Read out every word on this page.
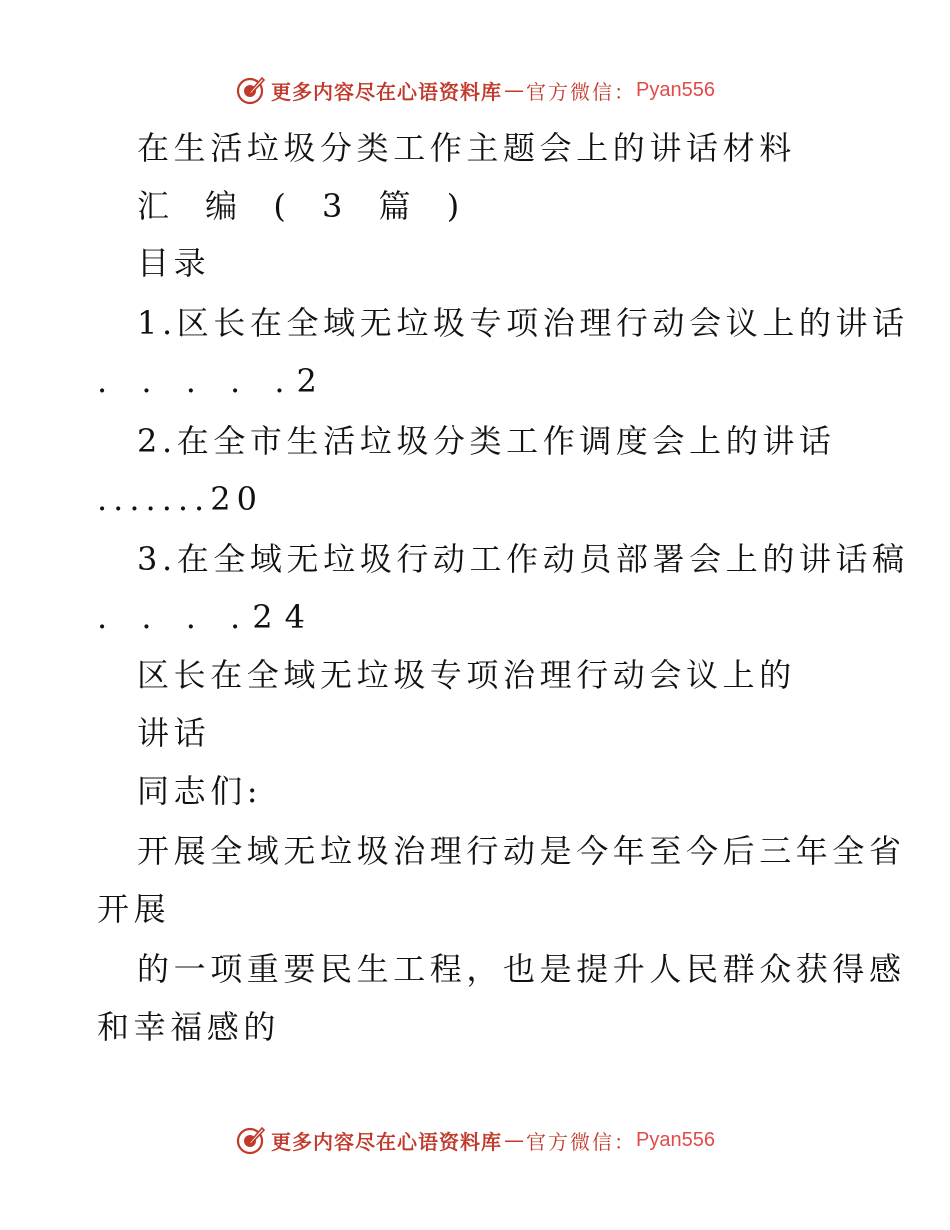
更多内容尽在心语资料库 — 官方微信： Pyan556
在生活垃圾分类工作主题会上的讲话材料
汇 编 ( 3 篇 )
目录
1.区长在全域无垃圾专项治理行动会议上的讲话
. . . . .2
2.在全市生活垃圾分类工作调度会上的讲话
.......20
3.在全域无垃圾行动工作动员部署会上的讲话稿
. . . .24
区长在全域无垃圾专项治理行动会议上的
讲话
同志们:
开展全域无垃圾治理行动是今年至今后三年全省
开展
的一项重要民生工程，也是提升人民群众获得感
和幸福感的
更多内容尽在心语资料库 — 官方微信： Pyan556
